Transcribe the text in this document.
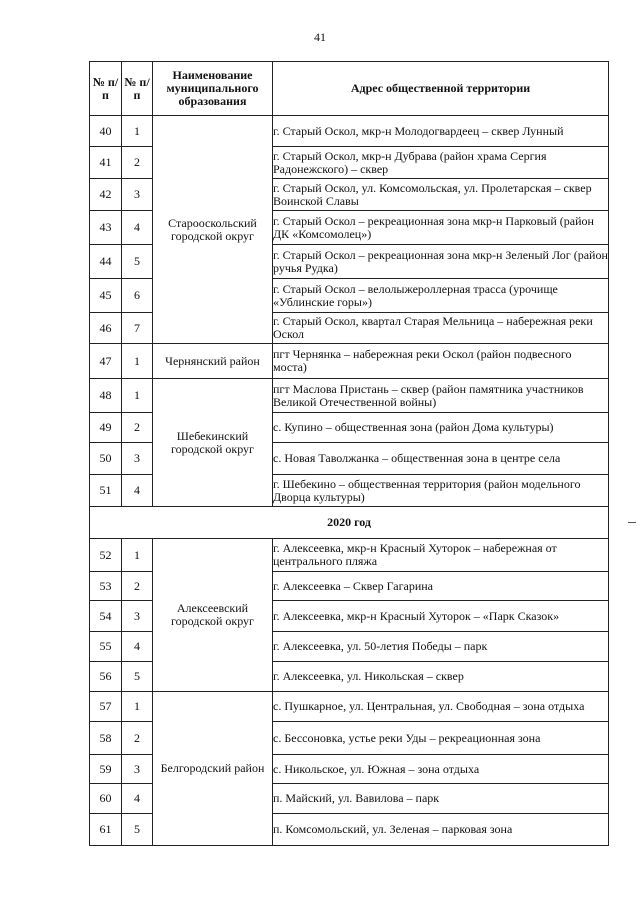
41
№ п/п	№ п/п	Наименование муниципального образования	Адрес общественной территории
40	1	Старооскольский городской округ	г. Старый Оскол, мкр-н Молодогвардеец – сквер Лунный
41	2		г. Старый Оскол, мкр-н Дубрава (район храма Сергия Радонежского) – сквер
42	3		г. Старый Оскол, ул. Комсомольская, ул. Пролетарская – сквер Воинской Славы
43	4		г. Старый Оскол – рекреационная зона мкр-н Парковый (район ДК «Комсомолец»)
44	5		г. Старый Оскол – рекреационная зона мкр-н Зеленый Лог (район ручья Рудка)
45	6		г. Старый Оскол – велолыжероллерная трасса (урочище «Ублинские горы»)
46	7		г. Старый Оскол, квартал Старая Мельница – набережная реки Оскол
47	1	Чернянский район	пгт Чернянка – набережная реки Оскол (район подвесного моста)
48	1	Шебекинский городской округ	пгт Маслова Пристань – сквер (район памятника участников Великой Отечественной войны)
49	2		с. Купино – общественная зона (район Дома культуры)
50	3		с. Новая Таволжанка – общественная зона в центре села
51	4		г. Шебекино – общественная территория (район модельного Дворца культуры)
2020 год			
52	1	Алексеевский городской округ	г. Алексеевка, мкр-н Красный Хуторок – набережная от центрального пляжа
53	2		г. Алексеевка – Сквер Гагарина
54	3		г. Алексеевка, мкр-н Красный Хуторок – «Парк Сказок»
55	4		г. Алексеевка, ул. 50-летия Победы – парк
56	5		г. Алексеевка, ул. Никольская – сквер
57	1	Белгородский район	с. Пушкарное, ул. Центральная, ул. Свободная – зона отдыха
58	2		с. Бессоновка, устье реки Уды – рекреационная зона
59	3		с. Никольское, ул. Южная – зона отдыха
60	4		п. Майский, ул. Вавилова – парк
61	5		п. Комсомольский, ул. Зеленая – парковая зона
